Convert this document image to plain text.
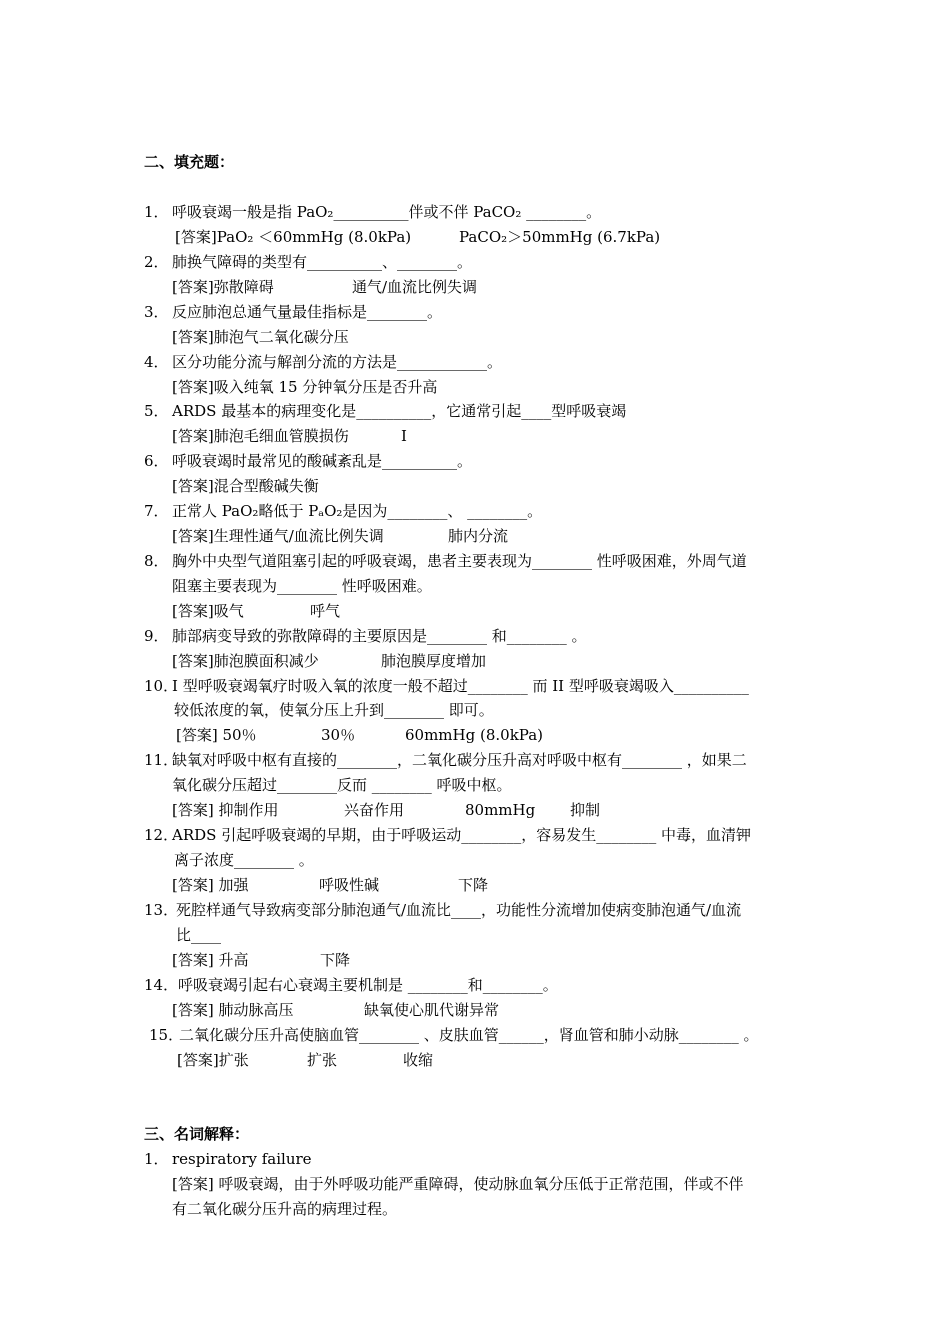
二、填充题：
1． 呼吸衰竭一般是指 PaO₂__________伴或不伴 PaCO₂ ________。
[答案]PaO₂ ＜60mmHg (8.0kPa)	PaCO₂＞50mmHg (6.7kPa)
2． 肺换气障碍的类型有__________、________。
[答案]弥散障碍	通气/血流比例失调
3． 反应肺泡总通气量最佳指标是________。
[答案]肺泡气二氧化碳分压
4． 区分功能分流与解剖分流的方法是____________。
[答案]吸入纯氧 15 分钟氧分压是否升高
5． ARDS 最基本的病理变化是__________，它通常引起____型呼吸衰竭
[答案]肺泡毛细血管膜损伤	I
6． 呼吸衰竭时最常见的酸碱紊乱是__________。
[答案]混合型酸碱失衡
7． 正常人 PaO₂略低于 PₐO₂是因为________、 ________。
[答案]生理性通气/血流比例失调	肺内分流
8． 胸外中央型气道阻塞引起的呼吸衰竭，患者主要表现为________ 性呼吸困难，外周气道
阻塞主要表现为________ 性呼吸困难。
[答案]吸气	呼气
9． 肺部病变导致的弥散障碍的主要原因是________ 和________ 。
[答案]肺泡膜面积减少	肺泡膜厚度增加
10．
I 型呼吸衰竭氧疗时吸入氧的浓度一般不超过________ 而 II 型呼吸衰竭吸入__________
较低浓度的氧，使氧分压上升到________ 即可。
[答案] 50％	30％	60mmHg (8.0kPa)
11．
缺氧对呼吸中枢有直接的________，二氧化碳分压升高对呼吸中枢有________ ，如果二
氧化碳分压超过________反而 ________ 呼吸中枢。
[答案] 抑制作用	兴奋作用	80mmHg 抑制
12．
ARDS 引起呼吸衰竭的早期，由于呼吸运动________，容易发生________ 中毒，血清钾
离子浓度________ 。
[答案] 加强	呼吸性碱	下降
13．
死腔样通气导致病变部分肺泡通气/血流比____，功能性分流增加使病变肺泡通气/血流
比____
[答案] 升高	下降
14． 呼吸衰竭引起右心衰竭主要机制是 ________和________。
[答案] 肺动脉高压	缺氧使心肌代谢异常
15．
二氧化碳分压升高使脑血管________ 、皮肤血管______，肾血管和肺小动脉________ 。
[答案]扩张	扩张	收缩
三、名词解释：
1． respiratory failure
[答案] 呼吸衰竭，由于外呼吸功能严重障碍，使动脉血氧分压低于正常范围，伴或不伴
有二氧化碳分压升高的病理过程。
